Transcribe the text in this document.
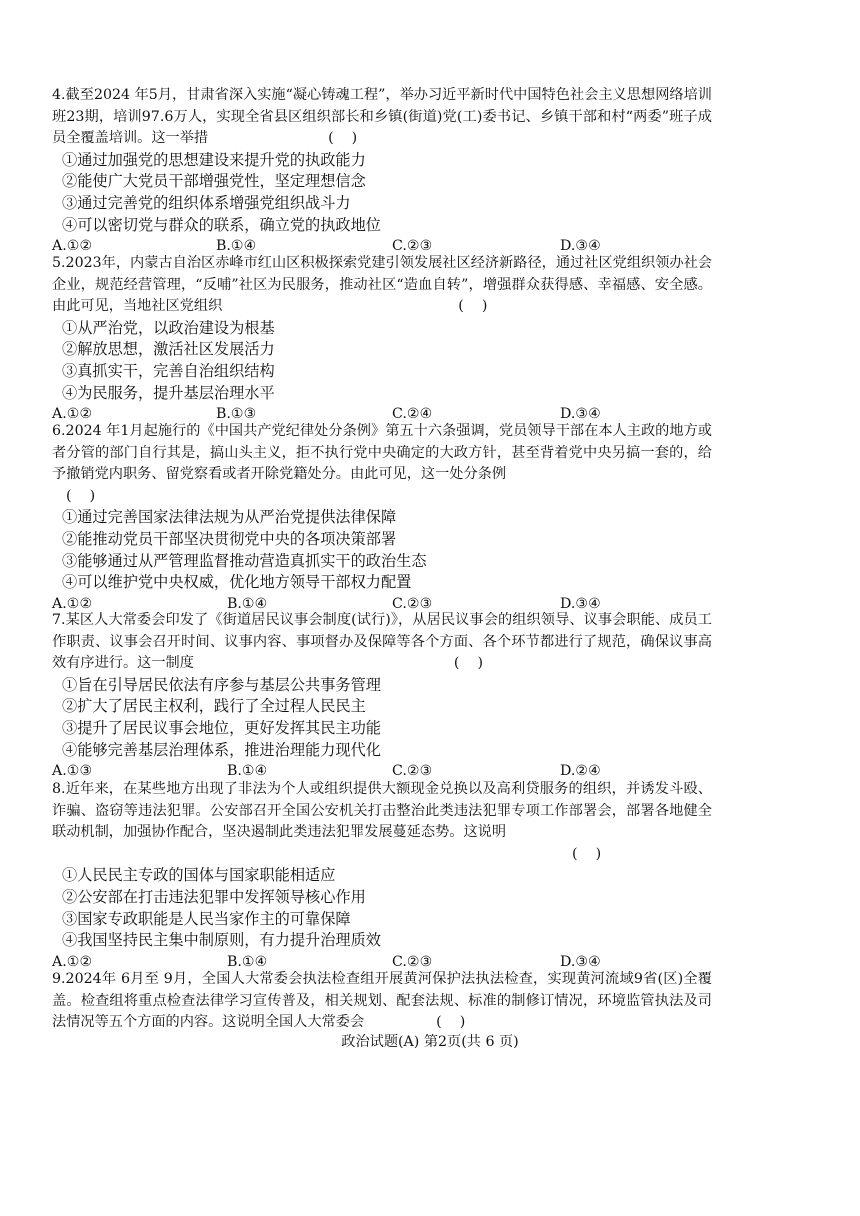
4.截至2024 年5月，甘肃省深入实施“凝心铸魂工程”，举办习近平新时代中国特色社会主义思想网络培训班23期，培训97.6万人，实现全省县区组织部长和乡镇(街道)党(工)委书记、乡镇干部和村“两委”班子成员全覆盖培训。这一举措	(    )

①通过加强党的思想建设来提升党的执政能力

②能使广大党员干部增强党性，坚定理想信念

③通过完善党的组织体系增强党组织战斗力

④可以密切党与群众的联系，确立党的执政地位

A.①②	B.①④	C.②③	D.③④

5.2023年，内蒙古自治区赤峰市红山区积极探索党建引领发展社区经济新路径，通过社区党组织领办社会企业，规范经营管理，“反哺”社区为民服务，推动社区“造血自转”，增强群众获得感、幸福感、安全感。由此可见，当地社区党组织	(    )

①从严治党，以政治建设为根基

②解放思想，激活社区发展活力

③真抓实干，完善自治组织结构

④为民服务，提升基层治理水平

A.①②	B.①③	C.②④	D.③④

6.2024 年1月起施行的《中国共产党纪律处分条例》第五十六条强调，党员领导干部在本人主政的地方或者分管的部门自行其是，搞山头主义，拒不执行党中央确定的大政方针，甚至背着党中央另搞一套的，给予撤销党内职务、留党察看或者开除党籍处分。由此可见，这一处分条例
(    )

①通过完善国家法律法规为从严治党提供法律保障

②能推动党员干部坚决贯彻党中央的各项决策部署

③能够通过从严管理监督推动营造真抓实干的政治生态

④可以维护党中央权威，优化地方领导干部权力配置

A.①②	B.①④	C.②③	D.③④

7.某区人大常委会印发了《街道居民议事会制度(试行)》，从居民议事会的组织领导、议事会职能、成员工作职责、议事会召开时间、议事内容、事项督办及保障等各个方面、各个环节都进行了规范，确保议事高效有序进行。这一制度	(    )

①旨在引导居民依法有序参与基层公共事务管理

②扩大了居民主权利，践行了全过程人民民主

③提升了居民议事会地位，更好发挥其民主功能

④能够完善基层治理体系，推进治理能力现代化

A.①③	B.①④	C.②③	D.②④

8.近年来，在某些地方出现了非法为个人或组织提供大额现金兑换以及高利贷服务的组织，并诱发斗殴、诈骗、盗窃等违法犯罪。公安部召开全国公安机关打击整治此类违法犯罪专项工作部署会，部署各地健全联动机制，加强协作配合，坚决遏制此类违法犯罪发展蔓延态势。这说明
(    )

①人民民主专政的国体与国家职能相适应

②公安部在打击违法犯罪中发挥领导核心作用

③国家专政职能是人民当家作主的可靠保障

④我国坚持民主集中制原则，有力提升治理质效

A.①②	B.①④	C.②③	D.③④

9.2024年 6月至 9月，全国人大常委会执法检查组开展黄河保护法执法检查，实现黄河流域9省(区)全覆盖。检查组将重点检查法律学习宣传普及，相关规划、配套法规、标准的制修订情况，环境监管执法及司法情况等五个方面的内容。这说明全国人大常委会	(    )

政治试题(A) 第2页(共 6 页)
